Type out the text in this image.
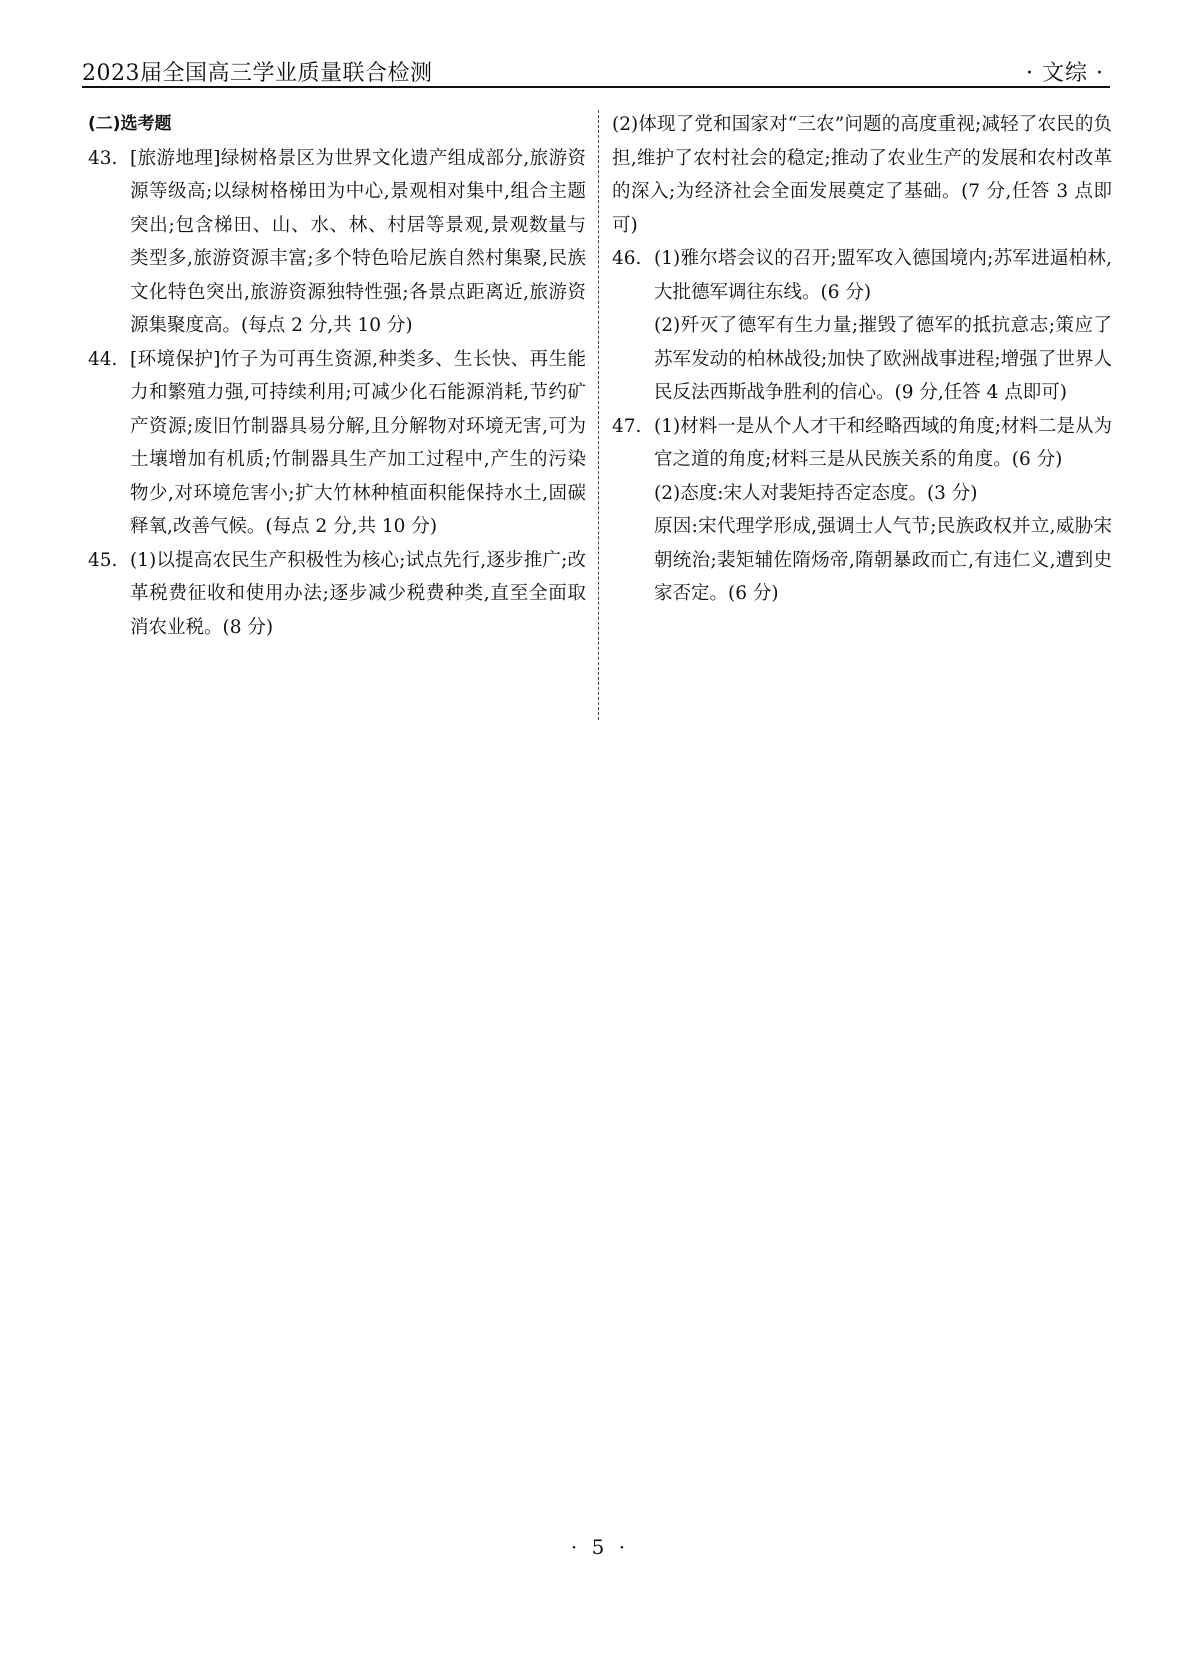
2023届全国高三学业质量联合检测	· 文综 ·
(二)选考题
43. [旅游地理]绿树格景区为世界文化遗产组成部分,旅游资源等级高;以绿树格梯田为中心,景观相对集中,组合主题突出;包含梯田、山、水、林、村居等景观,景观数量与类型多,旅游资源丰富;多个特色哈尼族自然村集聚,民族文化特色突出,旅游资源独特性强;各景点距离近,旅游资源集聚度高。(每点 2 分,共 10 分)
44. [环境保护]竹子为可再生资源,种类多、生长快、再生能力和繁殖力强,可持续利用;可减少化石能源消耗,节约矿产资源;废旧竹制器具易分解,且分解物对环境无害,可为土壤增加有机质;竹制器具生产加工过程中,产生的污染物少,对环境危害小;扩大竹林种植面积能保持水土,固碳释氧,改善气候。(每点 2 分,共 10 分)
45. (1)以提高农民生产积极性为核心;试点先行,逐步推广;改革税费征收和使用办法;逐步减少税费种类,直至全面取消农业税。(8 分)
(2)体现了党和国家对“三农”问题的高度重视;减轻了农民的负担,维护了农村社会的稳定;推动了农业生产的发展和农村改革的深入;为经济社会全面发展奠定了基础。(7 分,任答 3 点即可)
46. (1)雅尔塔会议的召开;盟军攻入德国境内;苏军进逼柏林,大批德军调往东线。(6 分)
(2)歼灭了德军有生力量;摧毁了德军的抵抗意志;策应了苏军发动的柏林战役;加快了欧洲战事进程;增强了世界人民反法西斯战争胜利的信心。(9 分,任答 4 点即可)
47. (1)材料一是从个人才干和经略西域的角度;材料二是从为官之道的角度;材料三是从民族关系的角度。(6 分)
(2)态度:宋人对裴矩持否定态度。(3 分)
原因:宋代理学形成,强调士人气节;民族政权并立,威胁宋朝统治;裴矩辅佐隋炀帝,隋朝暴政而亡,有违仁义,遭到史家否定。(6 分)
· 5 ·
